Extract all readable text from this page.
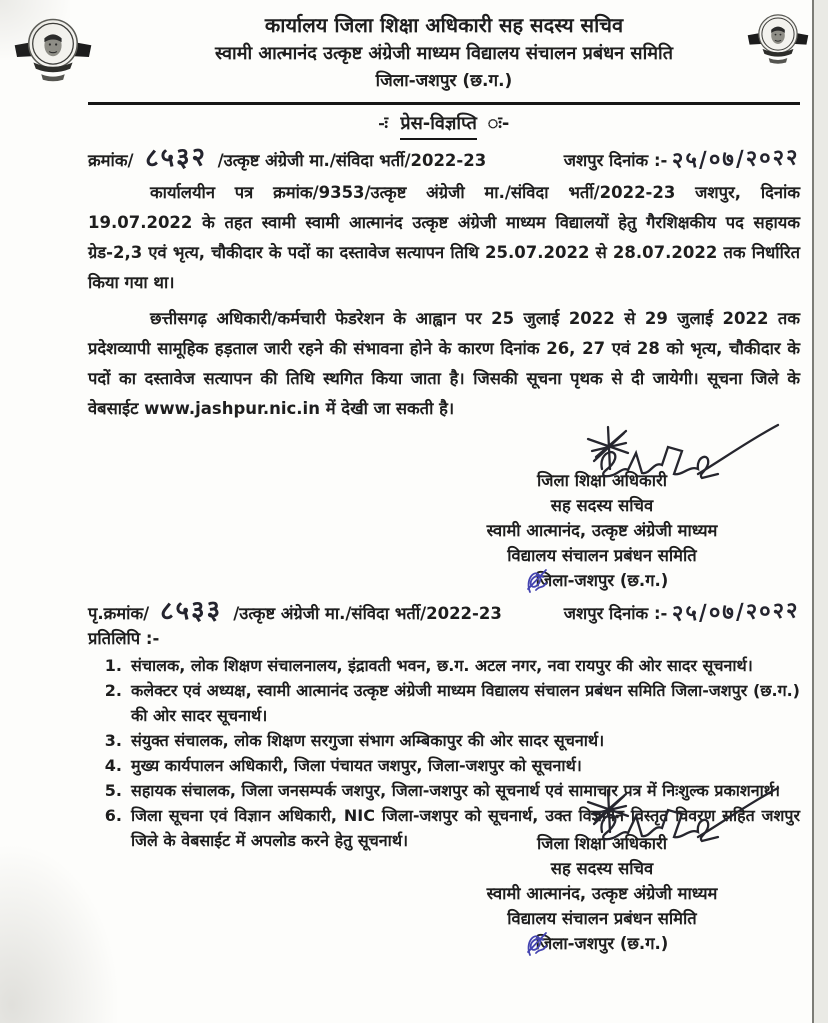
कार्यालय जिला शिक्षा अधिकारी सह सदस्य सचिव
स्वामी आत्मानंद उत्कृष्ट अंग्रेजी माध्यम विद्यालय संचालन प्रबंधन समिति
जिला-जशपुर (छ.ग.)
-ः प्रेस-विज्ञप्ति ः-
क्रमांक/ ८५३२ /उत्कृष्ट अंग्रेजी मा./संविदा भर्ती/2022-23	जशपुर दिनांक :- २५/०७/२०२२

कार्यालयीन पत्र क्रमांक/9353/उत्कृष्ट अंग्रेजी मा./संविदा भर्ती/2022-23 जशपुर, दिनांक 19.07.2022 के तहत स्वामी स्वामी आत्मानंद उत्कृष्ट अंग्रेजी माध्यम विद्यालयों हेतु गैरशिक्षकीय पद सहायक ग्रेड-2,3 एवं भृत्य, चौकीदार के पदों का दस्तावेज सत्यापन तिथि 25.07.2022 से 28.07.2022 तक निर्धारित किया गया था।

छत्तीसगढ़ अधिकारी/कर्मचारी फेडरेशन के आह्वान पर 25 जुलाई 2022 से 29 जुलाई 2022 तक प्रदेशव्यापी सामूहिक हड़ताल जारी रहने की संभावना होने के कारण दिनांक 26, 27 एवं 28 को भृत्य, चौकीदार के पदों का दस्तावेज सत्यापन की तिथि स्थगित किया जाता है। जिसकी सूचना पृथक से दी जायेगी। सूचना जिले के वेबसाईट www.jashpur.nic.in में देखी जा सकती है।

जिला शिक्षा अधिकारी
सह सदस्य सचिव
स्वामी आत्मानंद, उत्कृष्ट अंग्रेजी माध्यम
विद्यालय संचालन प्रबंधन समिति
जिला-जशपुर (छ.ग.)
पृ.क्रमांक/ ८५३३ /उत्कृष्ट अंग्रेजी मा./संविदा भर्ती/2022-23	जशपुर दिनांक :- २५/०७/२०२२
प्रतिलिपि :-
1. संचालक, लोक शिक्षण संचालनालय, इंद्रावती भवन, छ.ग. अटल नगर, नवा रायपुर की ओर सादर सूचनार्थ।
2. कलेक्टर एवं अध्यक्ष, स्वामी आत्मानंद उत्कृष्ट अंग्रेजी माध्यम विद्यालय संचालन प्रबंधन समिति जिला-जशपुर (छ.ग.) की ओर सादर सूचनार्थ।
3. संयुक्त संचालक, लोक शिक्षण सरगुजा संभाग अम्बिकापुर की ओर सादर सूचनार्थ।
4. मुख्य कार्यपालन अधिकारी, जिला पंचायत जशपुर, जिला-जशपुर को सूचनार्थ।
5. सहायक संचालक, जिला जनसम्पर्क जशपुर, जिला-जशपुर को सूचनार्थ एवं सामाचार पत्र में निःशुल्क प्रकाशनार्थ।
6. जिला सूचना एवं विज्ञान अधिकारी, NIC जिला-जशपुर को सूचनार्थ, उक्त विज्ञापन विस्तृत विवरण सहित जशपुर जिले के वेबसाईट में अपलोड करने हेतु सूचनार्थ।	जिला शिक्षा अधिकारी
सह सदस्य सचिव
स्वामी आत्मानंद, उत्कृष्ट अंग्रेजी माध्यम
विद्यालय संचालन प्रबंधन समिति
जिला-जशपुर (छ.ग.)
